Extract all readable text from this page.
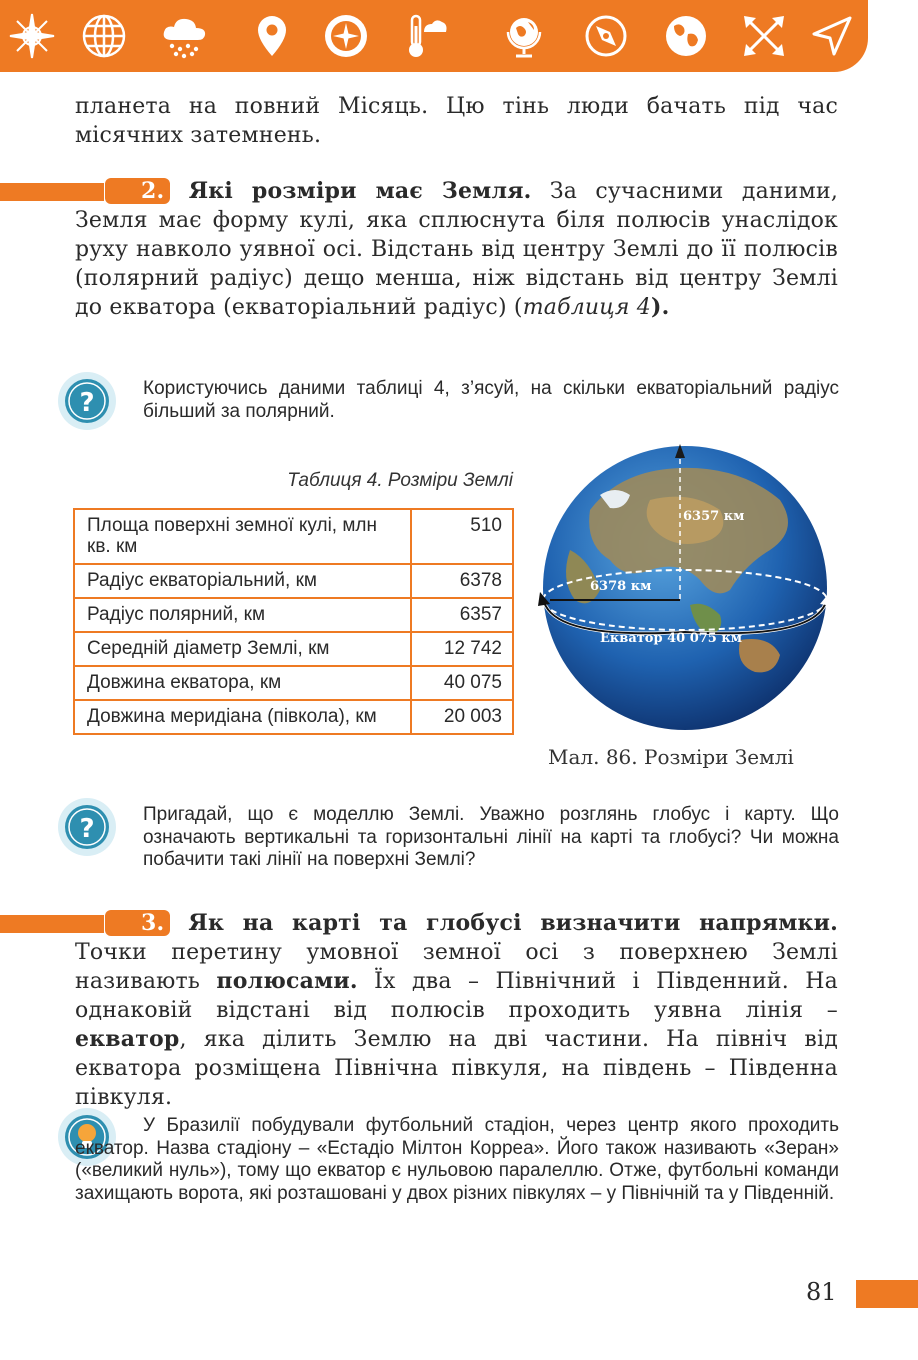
планета на повний Місяць. Цю тінь люди бачать під час місячних затемнень.

2. Які розміри має Земля. За сучасними даними, Земля має форму кулі, яка сплюснута біля полюсів унаслідок руху навколо уявної осі. Відстань від центру Землі до її полюсів (полярний радіус) дещо менша, ніж відстань від центру Землі до екватора (екваторіальний радіус) (таблиця 4).

?	Користуючись даними таблиці 4, з’ясуй, на скільки екваторіальний радіус більший за полярний.

Таблиця 4. Розміри Землі
Площа поверхні земної кулі, млн кв. км	510
Радіус екваторіальний, км	6378
Радіус полярний, км	6357
Середній діаметр Землі, км	12 742
Довжина екватора, км	40 075
Довжина меридіана (півкола), км	20 003
6357 км
6378 км
Екватор 40 075 км
Мал. 86. Розміри Землі
?	Пригадай, що є моделлю Землі. Уважно розглянь глобус і карту. Що означають вертикальні та горизонтальні лінії на карті та глобусі? Чи можна побачити такі лінії на поверхні Землі?

3. Як на карті та глобусі визначити напрямки. Точки перетину умовної земної осі з поверхнею Землі називають полюсами. Їх два – Північний і Південний. На однаковій відстані від полюсів проходить уявна лінія – екватор, яка ділить Землю на дві частини. На північ від екватора розміщена Північна півкуля, на південь – Південна півкуля.

У Бразилії побудували футбольний стадіон, через центр якого проходить екватор. Назва стадіону – «Естадіо Мілтон Корреа». Його також називають «Зеран» («великий нуль»), тому що екватор є нульовою паралеллю. Отже, футбольні команди захищають ворота, які розташовані у двох різних півкулях – у Північній та у Південній.

81
